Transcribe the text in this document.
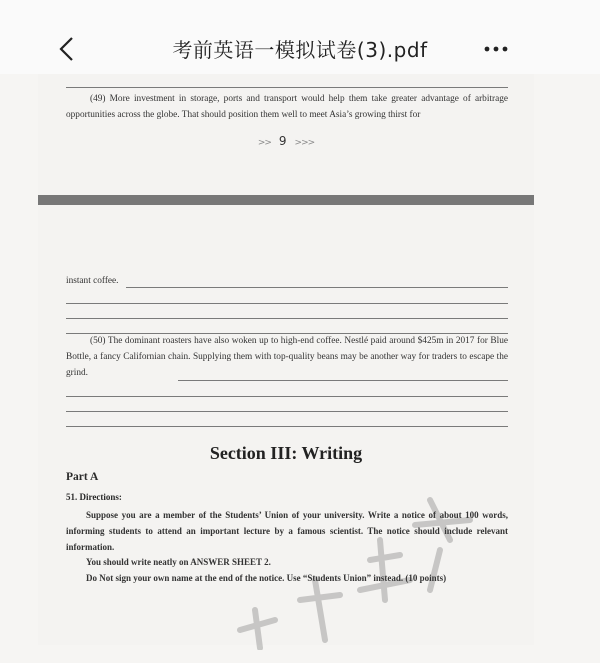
考前英语一模拟试卷(3).pdf
(49) More investment in storage, ports and transport would help them take greater advantage of arbitrage opportunities across the globe. That should position them well to meet Asia’s growing thirst for
>> 9 >>>
instant coffee.
(50) The dominant roasters have also woken up to high-end coffee. Nestlé paid around $425m in 2017 for Blue Bottle, a fancy Californian chain. Supplying them with top-quality beans may be another way for traders to escape the grind.
Section III: Writing
Part A
51. Directions:
Suppose you are a member of the Students’ Union of your university. Write a notice of about 100 words, informing students to attend an important lecture by a famous scientist. The notice should include relevant information.
You should write neatly on ANSWER SHEET 2.
Do Not sign your own name at the end of the notice. Use “Students Union” instead. (10 points)
